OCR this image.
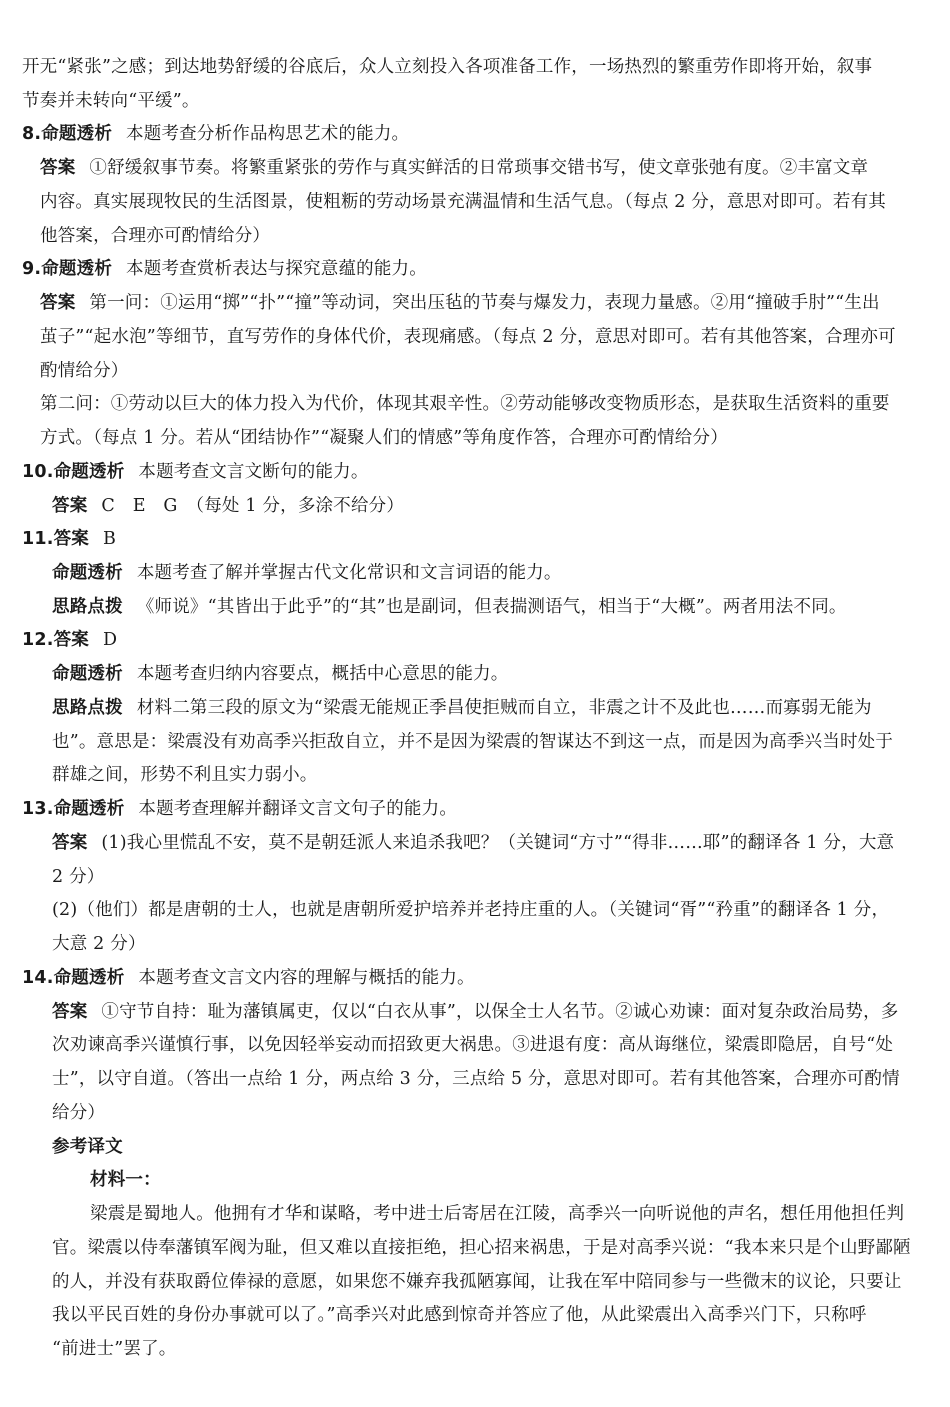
开无“紧张”之感；到达地势舒缓的谷底后，众人立刻投入各项准备工作，一场热烈的繁重劳作即将开始，叙事
节奏并未转向“平缓”。
8.命题透析 本题考查分析作品构思艺术的能力。
答案 ①舒缓叙事节奏。将繁重紧张的劳作与真实鲜活的日常琐事交错书写，使文章张弛有度。②丰富文章
内容。真实展现牧民的生活图景，使粗粝的劳动场景充满温情和生活气息。（每点 2 分，意思对即可。若有其
他答案，合理亦可酌情给分）
9.命题透析 本题考查赏析表达与探究意蕴的能力。
答案 第一问：①运用“掷”“扑”“撞”等动词，突出压毡的节奏与爆发力，表现力量感。②用“撞破手肘”“生出
茧子”“起水泡”等细节，直写劳作的身体代价，表现痛感。（每点 2 分，意思对即可。若有其他答案，合理亦可
酌情给分）
第二问：①劳动以巨大的体力投入为代价，体现其艰辛性。②劳动能够改变物质形态，是获取生活资料的重要
方式。（每点 1 分。若从“团结协作”“凝聚人们的情感”等角度作答，合理亦可酌情给分）
10.命题透析 本题考查文言文断句的能力。
答案 C　E　G　（每处 1 分，多涂不给分）
11.答案 B
命题透析 本题考查了解并掌握古代文化常识和文言词语的能力。
思路点拨 《师说》“其皆出于此乎”的“其”也是副词，但表揣测语气，相当于“大概”。两者用法不同。
12.答案 D
命题透析 本题考查归纳内容要点，概括中心意思的能力。
思路点拨 材料二第三段的原文为“梁震无能规正季昌使拒贼而自立，非震之计不及此也……而寡弱无能为
也”。意思是：梁震没有劝高季兴拒敌自立，并不是因为梁震的智谋达不到这一点，而是因为高季兴当时处于
群雄之间，形势不利且实力弱小。
13.命题透析 本题考查理解并翻译文言文句子的能力。
答案 (1)我心里慌乱不安，莫不是朝廷派人来追杀我吧？（关键词“方寸”“得非……耶”的翻译各 1 分，大意
2 分）
(2)（他们）都是唐朝的士人，也就是唐朝所爱护培养并老持庄重的人。（关键词“胥”“矜重”的翻译各 1 分，
大意 2 分）
14.命题透析 本题考查文言文内容的理解与概括的能力。
答案 ①守节自持：耻为藩镇属吏，仅以“白衣从事”，以保全士人名节。②诚心劝谏：面对复杂政治局势，多
次劝谏高季兴谨慎行事，以免因轻举妄动而招致更大祸患。③进退有度：高从诲继位，梁震即隐居，自号“处
士”，以守自道。（答出一点给 1 分，两点给 3 分，三点给 5 分，意思对即可。若有其他答案，合理亦可酌情
给分）
参考译文
材料一：
梁震是蜀地人。他拥有才华和谋略，考中进士后寄居在江陵，高季兴一向听说他的声名，想任用他担任判
官。梁震以侍奉藩镇军阀为耻，但又难以直接拒绝，担心招来祸患，于是对高季兴说：“我本来只是个山野鄙陋
的人，并没有获取爵位俸禄的意愿，如果您不嫌弃我孤陋寡闻，让我在军中陪同参与一些微末的议论，只要让
我以平民百姓的身份办事就可以了。”高季兴对此感到惊奇并答应了他，从此梁震出入高季兴门下，只称呼
“前进士”罢了。
